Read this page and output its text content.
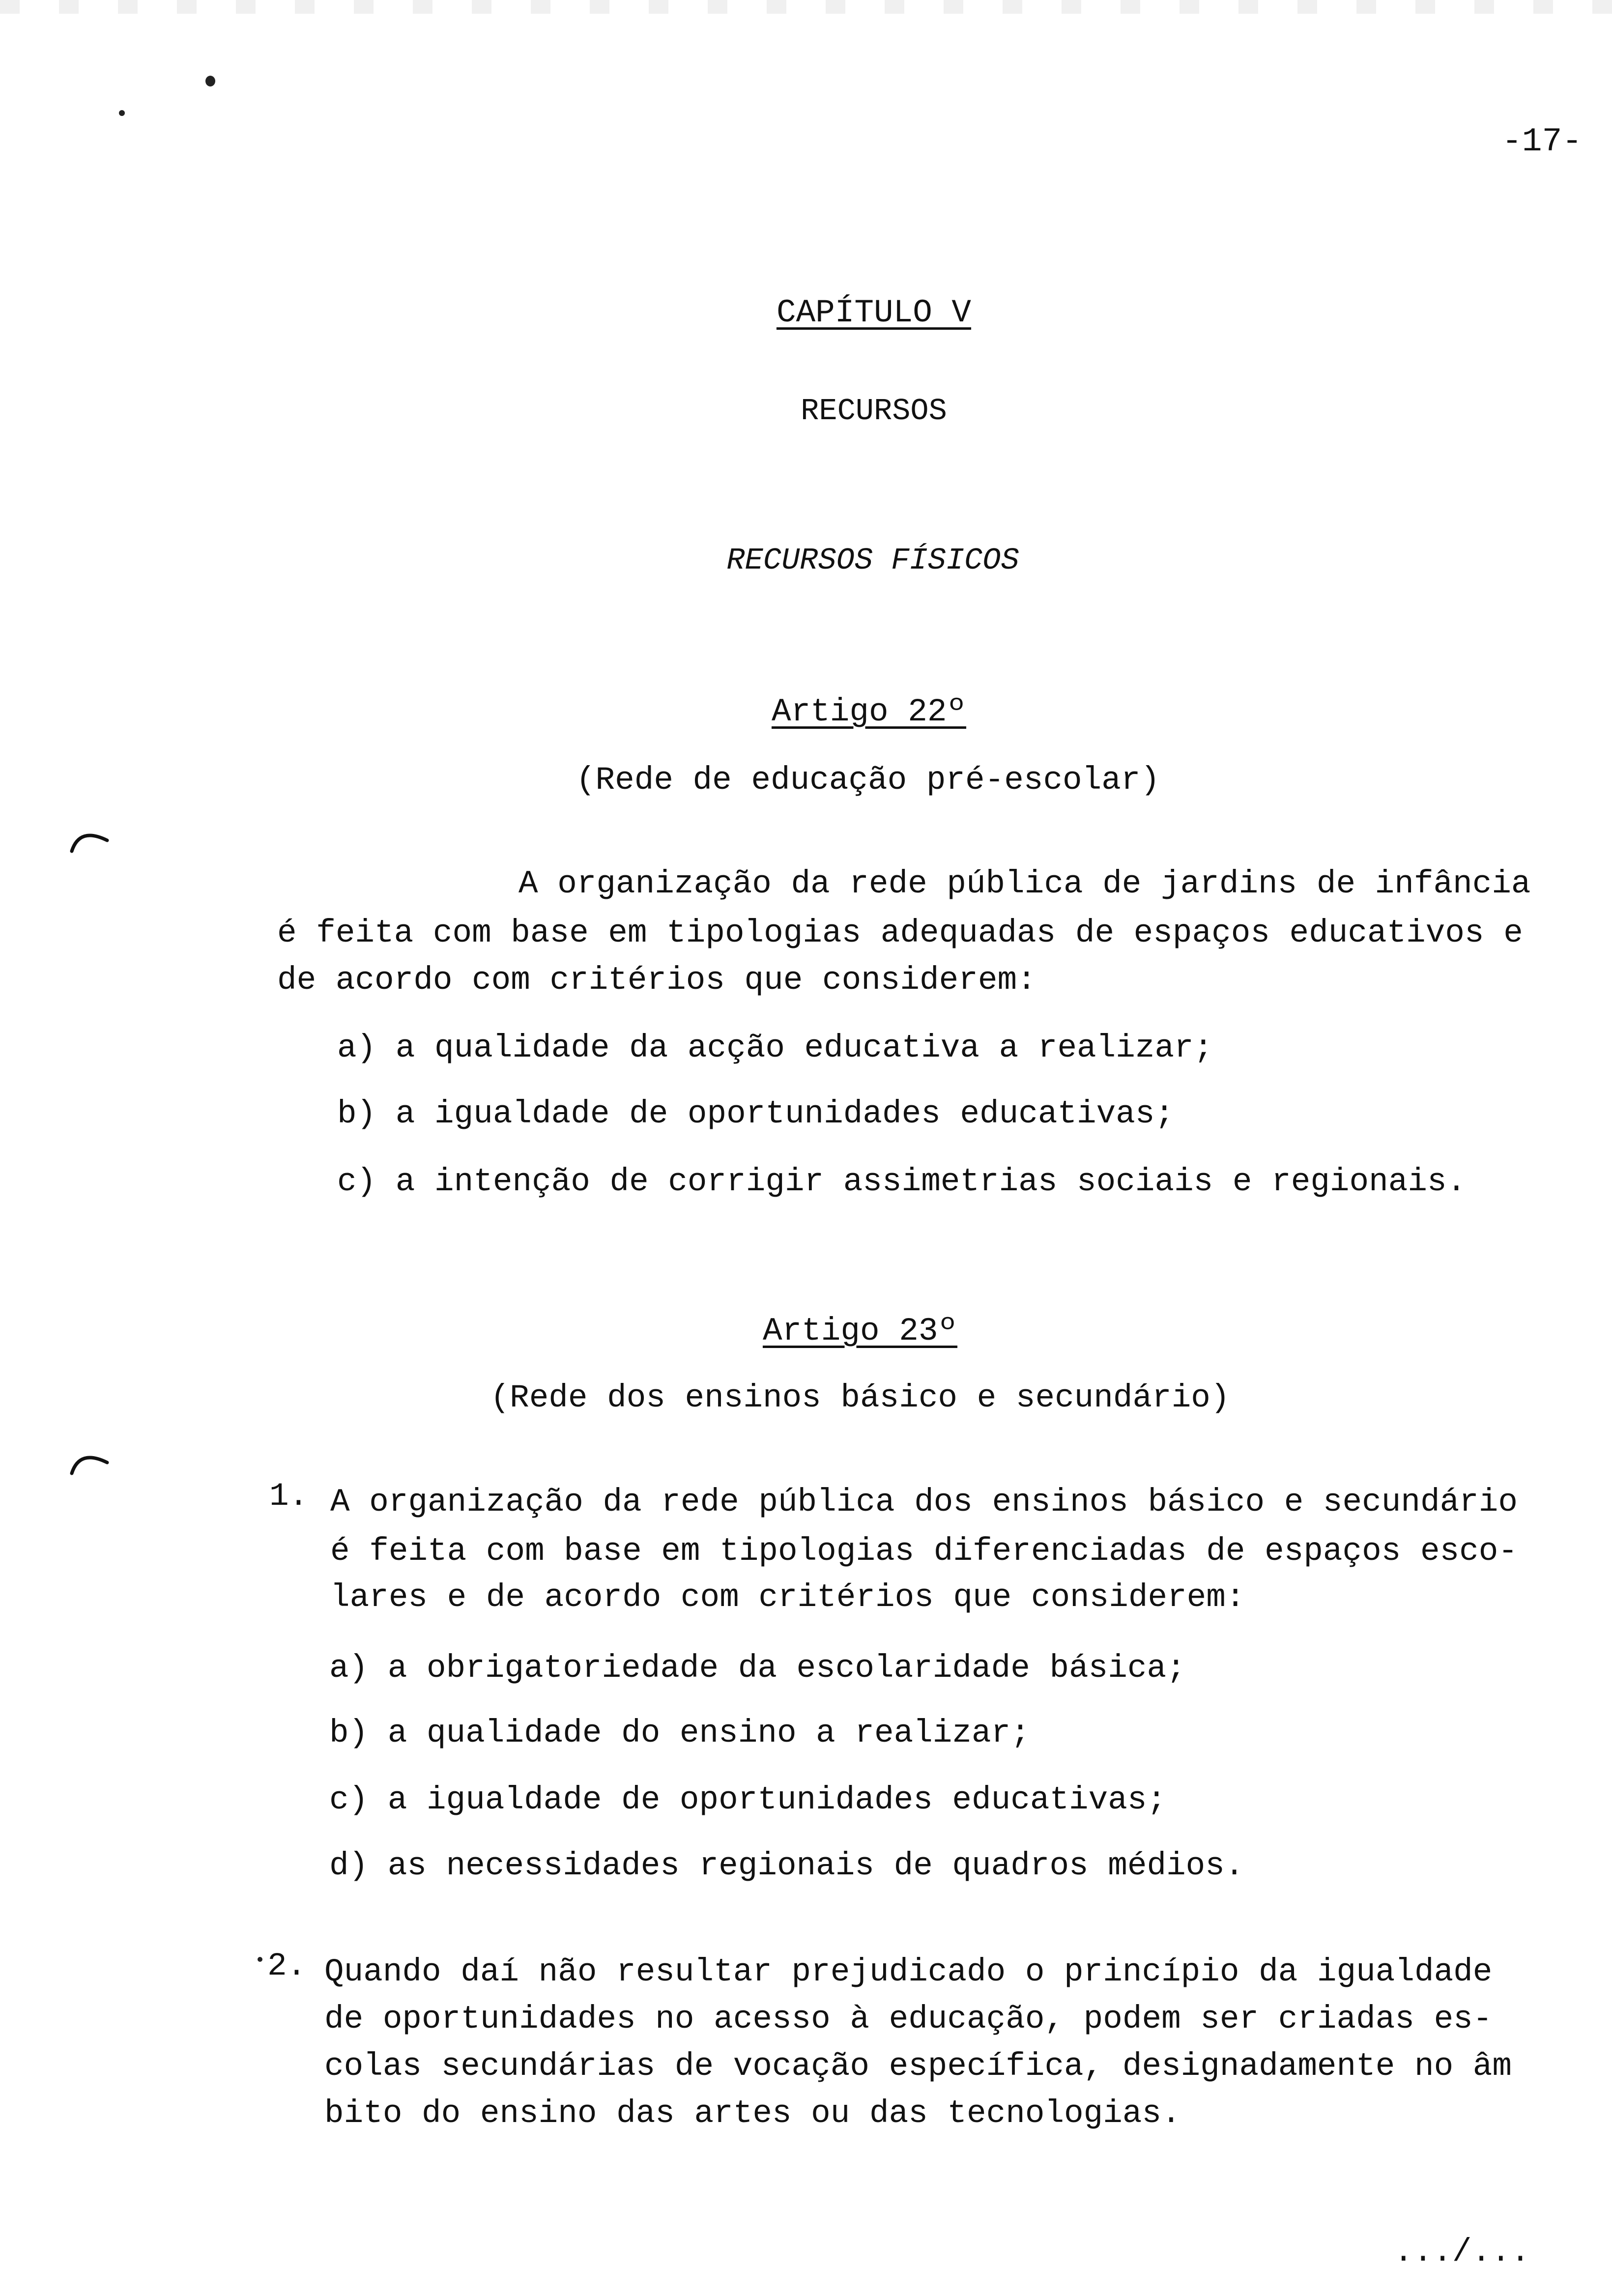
-17-
CAPÍTULO V
RECURSOS
RECURSOS FÍSICOS
Artigo 22º
(Rede de educação pré-escolar)
A organização da rede pública de jardins de infância
é feita com base em tipologias adequadas de espaços educativos e
de acordo com critérios que considerem:
a) a qualidade da acção educativa a realizar;
b) a igualdade de oportunidades educativas;
c) a intenção de corrigir assimetrias sociais e regionais.
Artigo 23º
(Rede dos ensinos básico e secundário)
1. A organização da rede pública dos ensinos básico e secundário
é feita com base em tipologias diferenciadas de espaços esco-
lares e de acordo com critérios que considerem:
a) a obrigatoriedade da escolaridade básica;
b) a qualidade do ensino a realizar;
c) a igualdade de oportunidades educativas;
d) as necessidades regionais de quadros médios.
2. Quando daí não resultar prejudicado o princípio da igualdade
de oportunidades no acesso à educação, podem ser criadas es-
colas secundárias de vocação específica, designadamente no âm
bito do ensino das artes ou das tecnologias.
.../...
